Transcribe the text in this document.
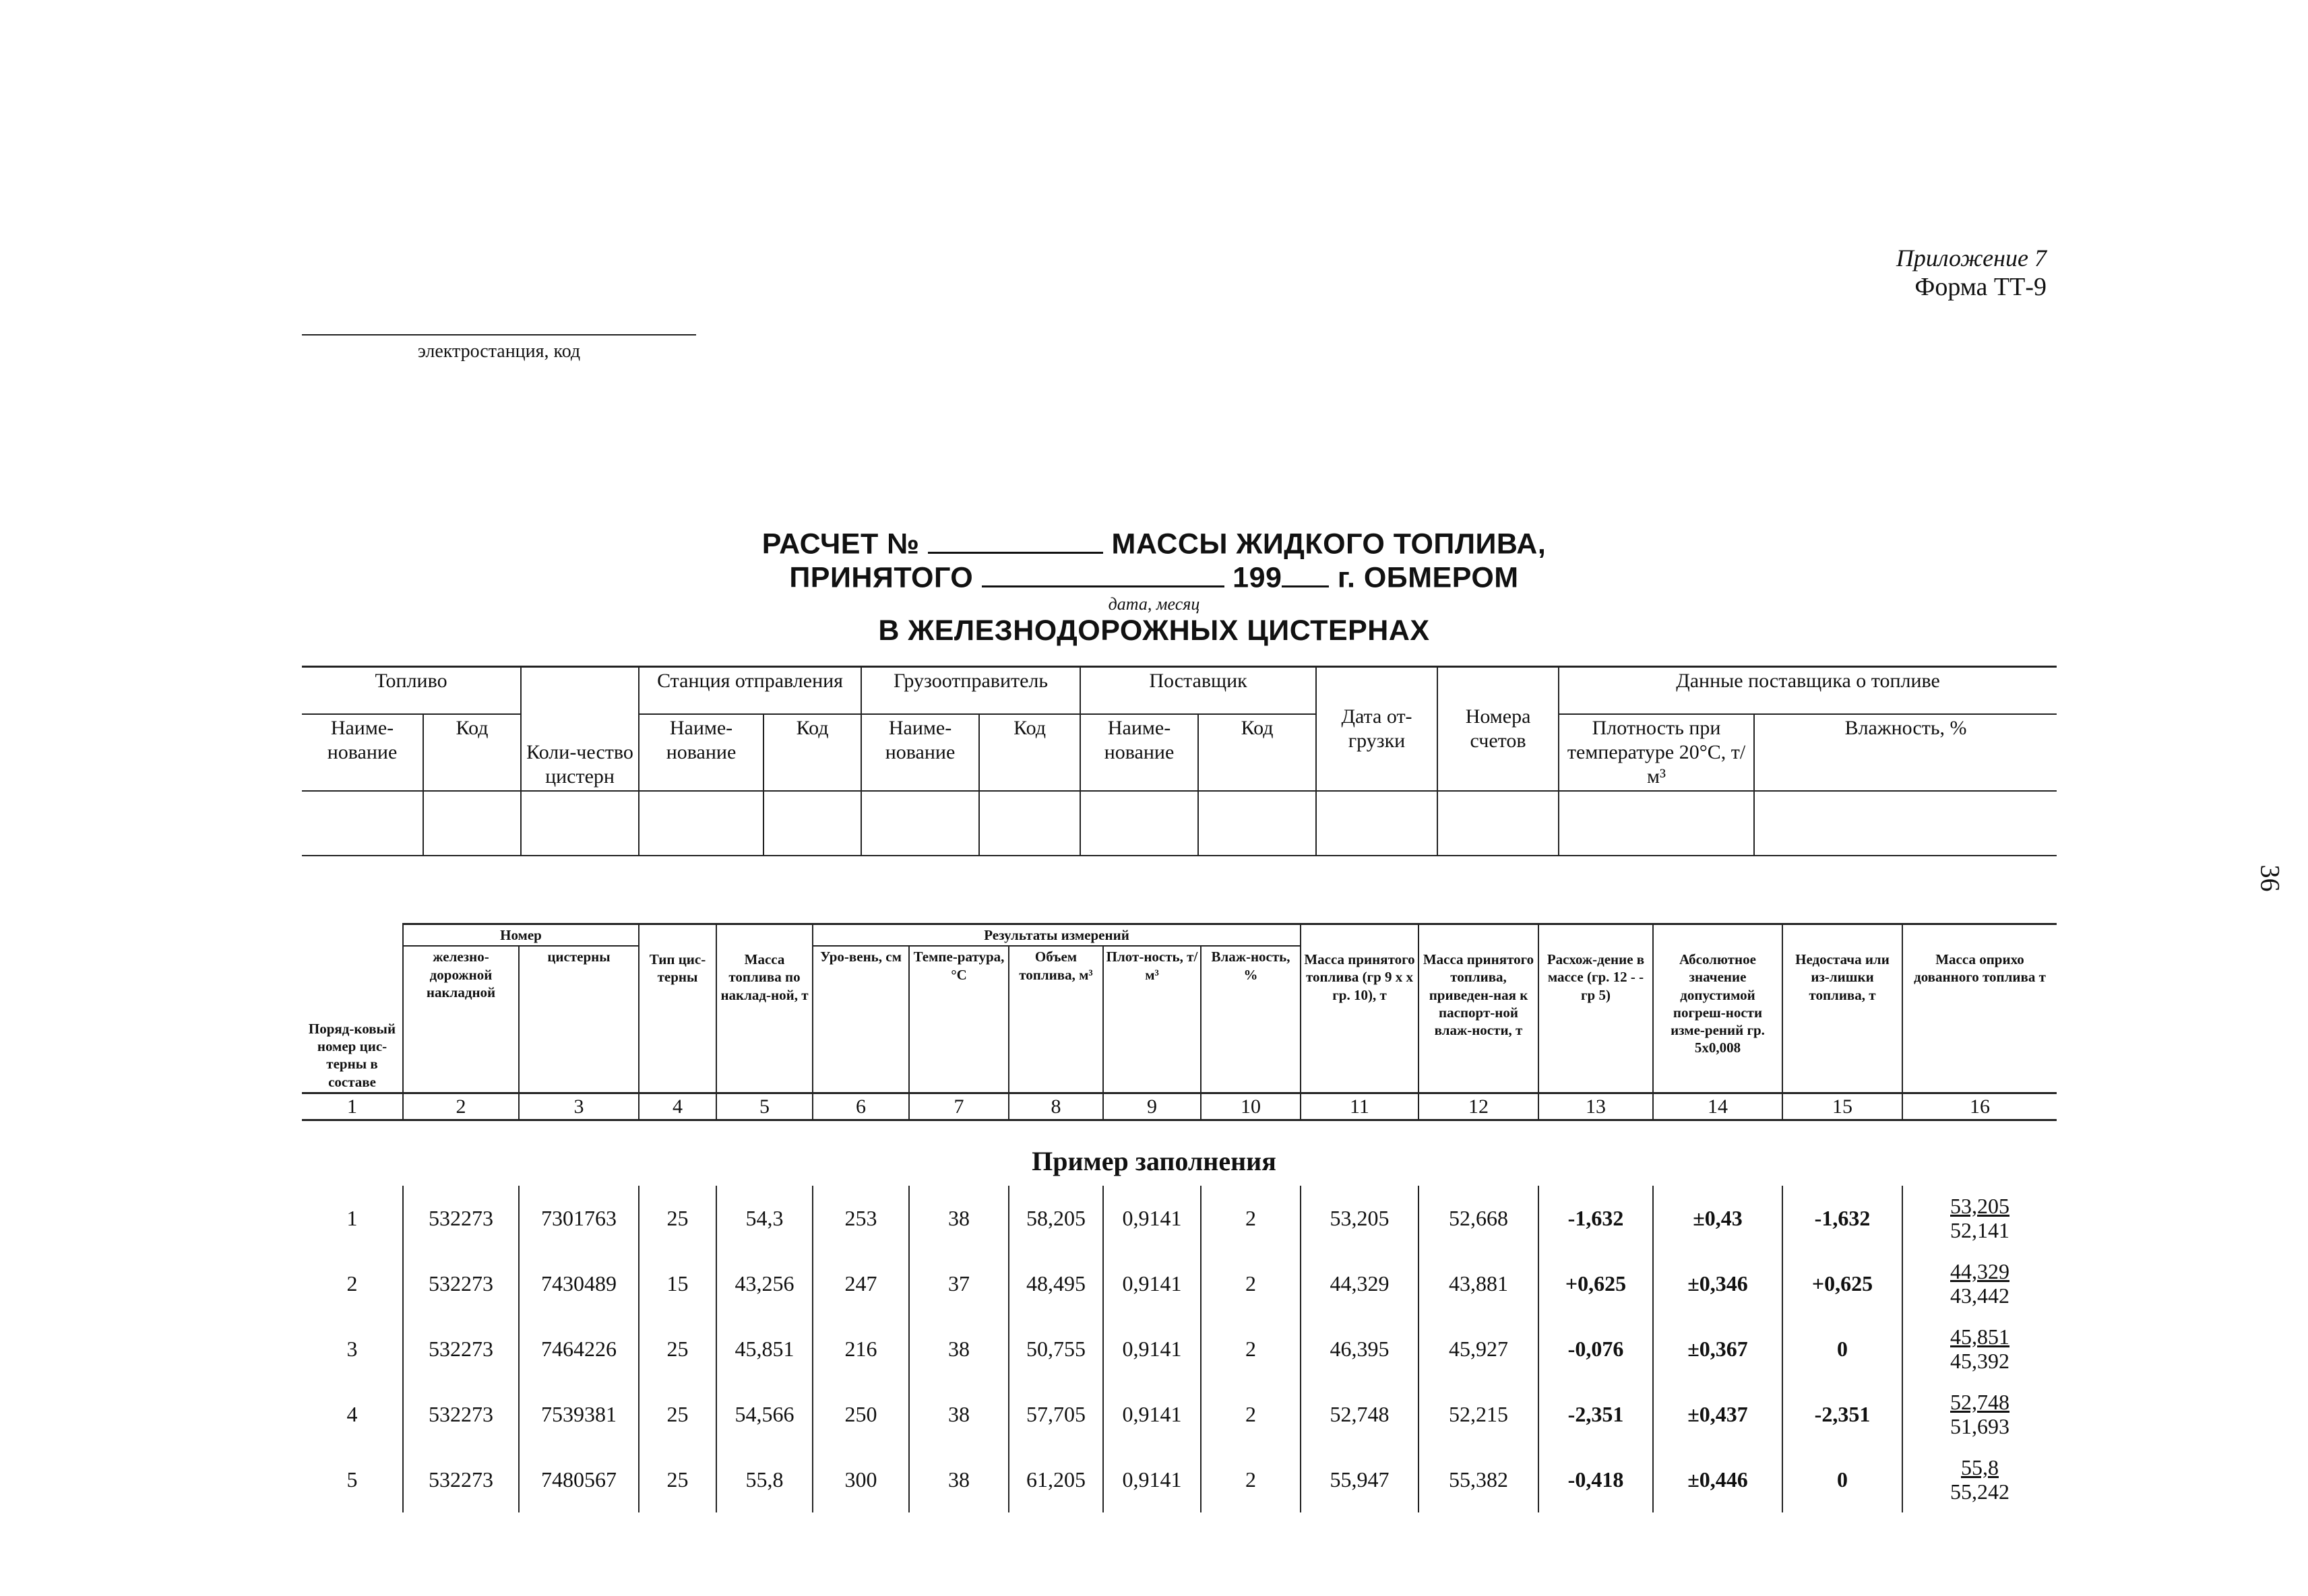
Приложение 7
Форма ТТ-9
электростанция, код
РАСЧЕТ №	МАССЫ ЖИДКОГО ТОПЛИВА,
ПРИНЯТОГО	199 г. ОБМЕРОМ
дата, месяц
В ЖЕЛЕЗНОДОРОЖНЫХ ЦИСТЕРНАХ
36
Топливо		Коли-чество цистерн	Станция отправления		Грузоотправитель		Поставщик		Дата от-грузки	Номера счетов	Данные поставщика о топливе	
Наиме-нование	Код		Наиме-нование	Код	Наиме-нование	Код	Наиме-нование	Код			Плотность при температуре 20°С, т/м³	Влажность, %

Поряд-ковый номер цис-терны в составе	Номер		Тип цис-терны	Масса топлива по наклад-ной, т	Результаты измерений					Масса принятого топлива (гр 9 х х гр. 10), т	Масса принятого топлива, приведен-ная к паспорт-ной влаж-ности, т	Расхож-дение в массе (гр. 12 - - гр 5)	Абсолютное значение допустимой погреш-ности изме-рений гр. 5х0,008	Недостача или из-лишки топлива, т	Масса оприхо дованного топлива т
	железно-дорожной накладной	цистерны			Уро-вень, см	Темпе-ратура, °С	Объем топлива, м³	Плот-ность, т/м³	Влаж-ность, %						
1	2	3	4	5	6	7	8	9	10	11	12	13	14	15	16
Пример заполнения
1	532273	7301763	25	54,3	253	38	58,205	0,9141	2	53,205	52,668	-1,632	±0,43	-1,632	53,205
52,141

2	532273	7430489	15	43,256	247	37	48,495	0,9141	2	44,329	43,881	+0,625	±0,346	+0,625	44,329
43,442

3	532273	7464226	25	45,851	216	38	50,755	0,9141	2	46,395	45,927	-0,076	±0,367	0	45,851
45,392

4	532273	7539381	25	54,566	250	38	57,705	0,9141	2	52,748	52,215	-2,351	±0,437	-2,351	52,748
51,693

5	532273	7480567	25	55,8	300	38	61,205	0,9141	2	55,947	55,382	-0,418	±0,446	0	55,8
55,242
